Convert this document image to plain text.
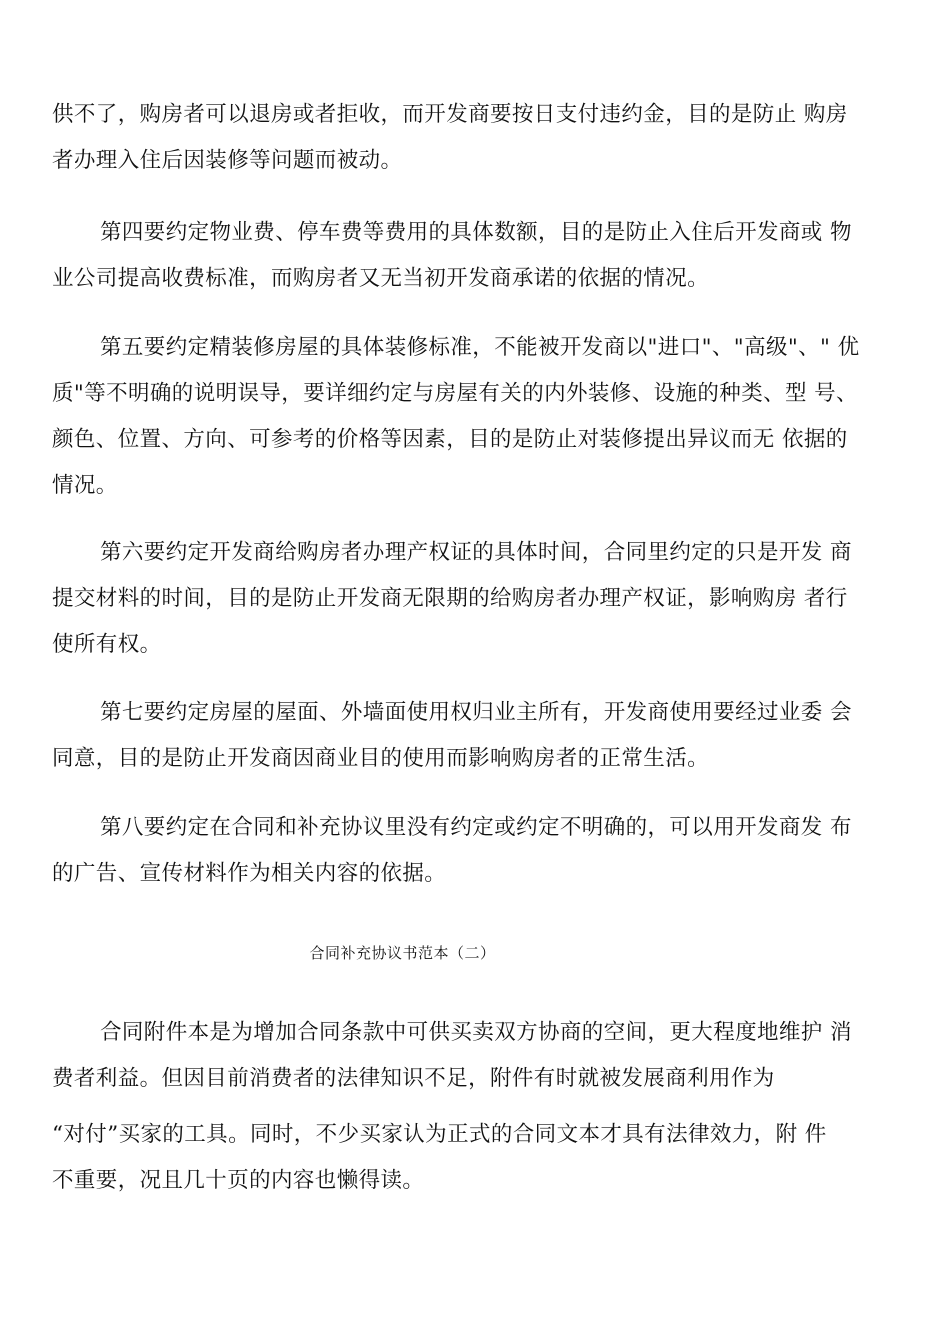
供不了，购房者可以退房或者拒收，而开发商要按日支付违约金，目的是防止 购房
者办理入住后因装修等问题而被动。
第四要约定物业费、停车费等费用的具体数额，目的是防止入住后开发商或 物
业公司提高收费标准，而购房者又无当初开发商承诺的依据的情况。
第五要约定精装修房屋的具体装修标准，不能被开发商以"进口"、"高级"、" 优
质"等不明确的说明误导，要详细约定与房屋有关的内外装修、设施的种类、型 号、
颜色、位置、方向、可参考的价格等因素，目的是防止对装修提出异议而无 依据的
情况。
第六要约定开发商给购房者办理产权证的具体时间，合同里约定的只是开发 商
提交材料的时间，目的是防止开发商无限期的给购房者办理产权证，影响购房 者行
使所有权。
第七要约定房屋的屋面、外墙面使用权归业主所有，开发商使用要经过业委 会
同意，目的是防止开发商因商业目的使用而影响购房者的正常生活。
第八要约定在合同和补充协议里没有约定或约定不明确的，可以用开发商发 布
的广告、宣传材料作为相关内容的依据。
合同补充协议书范本（二）
合同附件本是为增加合同条款中可供买卖双方协商的空间，更大程度地维护 消
费者利益。但因目前消费者的法律知识不足，附件有时就被发展商利用作为
“对付”买家的工具。同时，不少买家认为正式的合同文本才具有法律效力，附 件
不重要，况且几十页的内容也懒得读。
